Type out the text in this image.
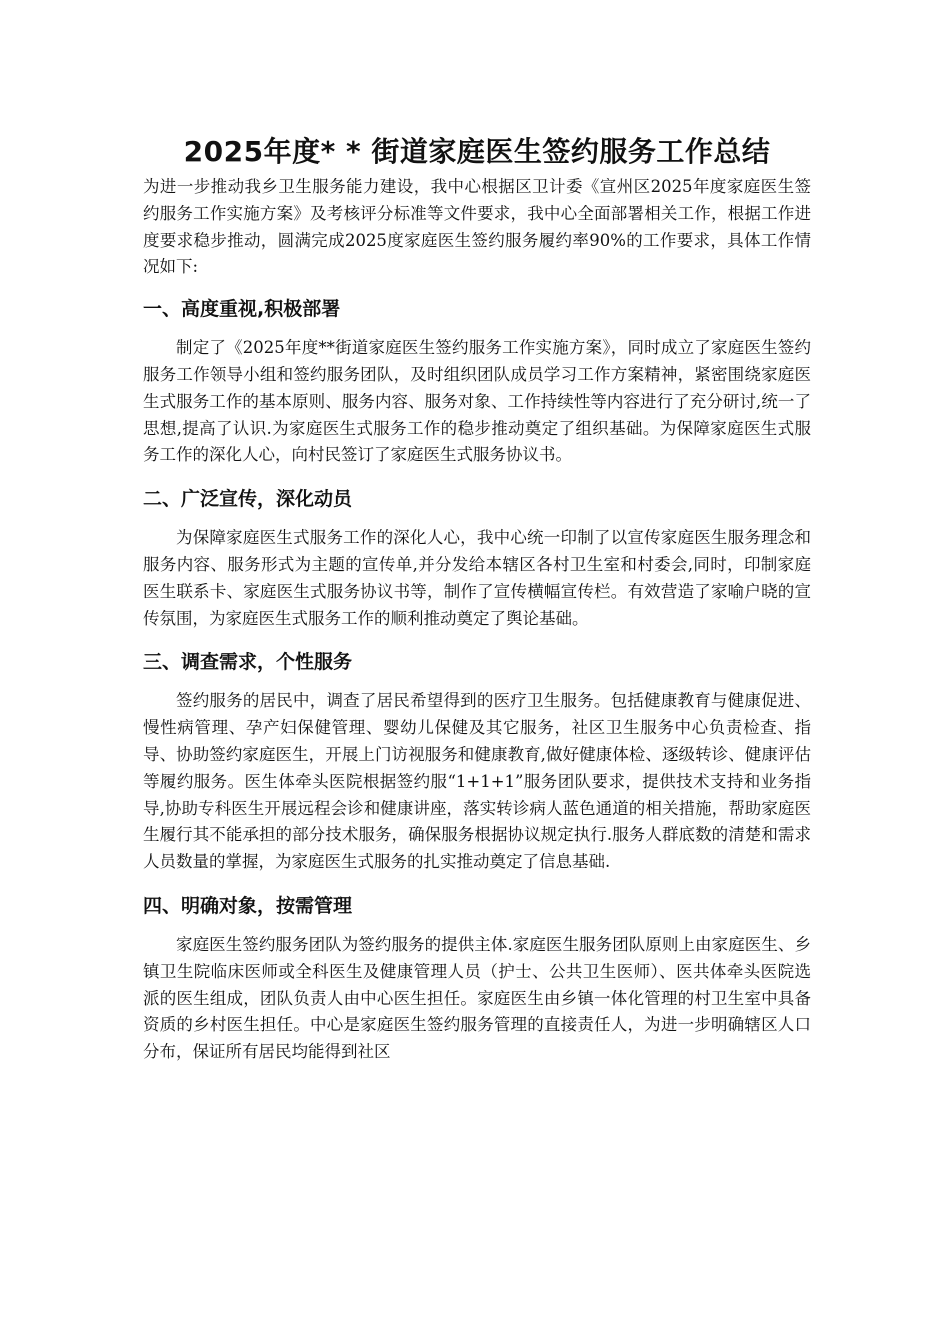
2025年度* * 街道家庭医生签约服务工作总结

为进一步推动我乡卫生服务能力建设，我中心根据区卫计委《宣州区2025年度家庭医生签约服务工作实施方案》及考核评分标准等文件要求，我中心全面部署相关工作，根据工作进度要求稳步推动，圆满完成2025度家庭医生签约服务履约率90%的工作要求，具体工作情况如下:

一、高度重视,积极部署

制定了《2025年度**街道家庭医生签约服务工作实施方案》，同时成立了家庭医生签约服务工作领导小组和签约服务团队，及时组织团队成员学习工作方案精神，紧密围绕家庭医生式服务工作的基本原则、服务内容、服务对象、工作持续性等内容进行了充分研讨,统一了思想,提高了认识.为家庭医生式服务工作的稳步推动奠定了组织基础。为保障家庭医生式服务工作的深化人心，向村民签订了家庭医生式服务协议书。

二、广泛宣传，深化动员

为保障家庭医生式服务工作的深化人心，我中心统一印制了以宣传家庭医生服务理念和服务内容、服务形式为主题的宣传单,并分发给本辖区各村卫生室和村委会,同时，印制家庭医生联系卡、家庭医生式服务协议书等，制作了宣传横幅宣传栏。有效营造了家喻户晓的宣传氛围，为家庭医生式服务工作的顺利推动奠定了舆论基础。

三、调查需求，个性服务

签约服务的居民中，调查了居民希望得到的医疗卫生服务。包括健康教育与健康促进、慢性病管理、孕产妇保健管理、婴幼儿保健及其它服务，社区卫生服务中心负责检查、指导、协助签约家庭医生，开展上门访视服务和健康教育,做好健康体检、逐级转诊、健康评估等履约服务。医生体牵头医院根据签约服“1+1+1”服务团队要求，提供技术支持和业务指导,协助专科医生开展远程会诊和健康讲座，落实转诊病人蓝色通道的相关措施，帮助家庭医生履行其不能承担的部分技术服务，确保服务根据协议规定执行.服务人群底数的清楚和需求人员数量的掌握，为家庭医生式服务的扎实推动奠定了信息基础.

四、明确对象，按需管理

家庭医生签约服务团队为签约服务的提供主体.家庭医生服务团队原则上由家庭医生、乡镇卫生院临床医师或全科医生及健康管理人员（护士、公共卫生医师）、医共体牵头医院选派的医生组成，团队负责人由中心医生担任。家庭医生由乡镇一体化管理的村卫生室中具备资质的乡村医生担任。中心是家庭医生签约服务管理的直接责任人，为进一步明确辖区人口分布，保证所有居民均能得到社区
